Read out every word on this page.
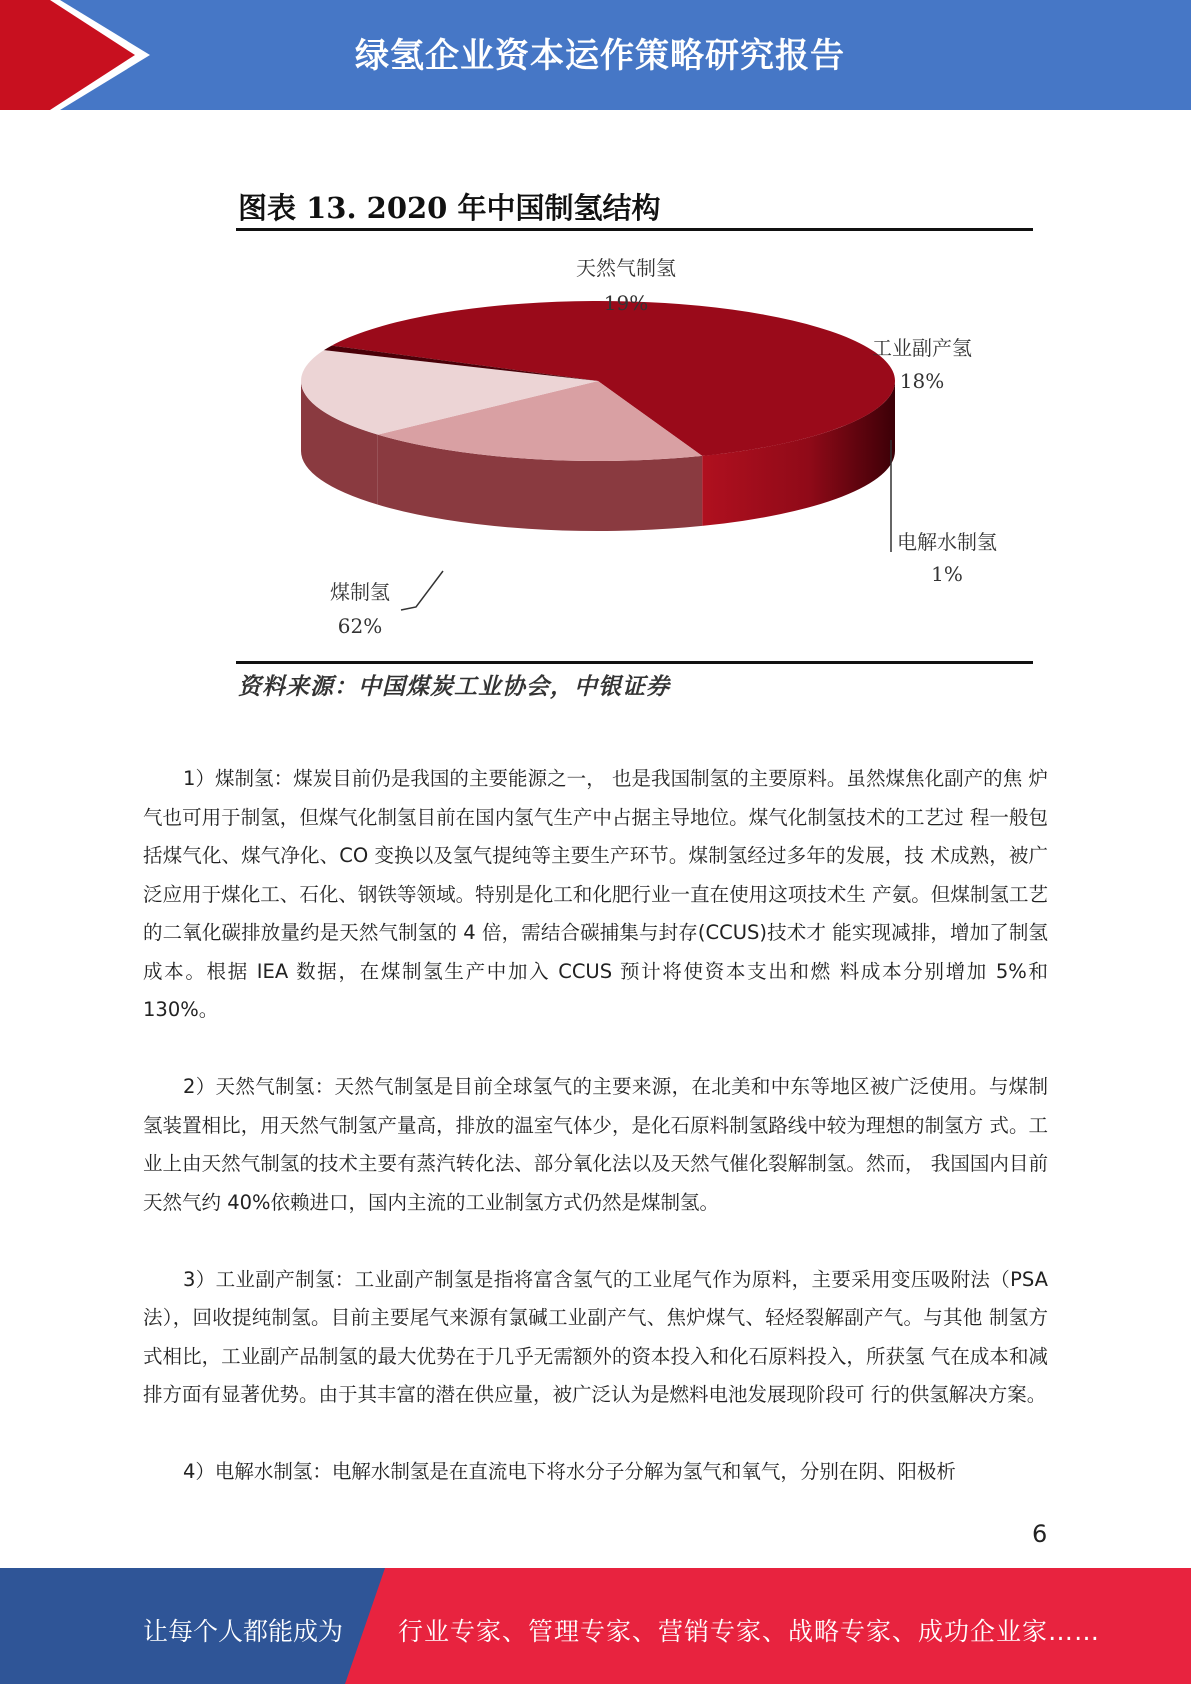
绿氢企业资本运作策略研究报告
图表 13. 2020 年中国制氢结构
天然气制氢
19%
工业副产氢
18%
电解水制氢
1%
煤制氢
62%
资料来源：中国煤炭工业协会，中银证券

1）煤制氢：煤炭目前仍是我国的主要能源之一， 也是我国制氢的主要原料。虽然煤焦化副产的焦 炉气也可用于制氢，但煤气化制氢目前在国内氢气生产中占据主导地位。煤气化制氢技术的工艺过 程一般包括煤气化、煤气净化、CO 变换以及氢气提纯等主要生产环节。煤制氢经过多年的发展，技 术成熟，被广泛应用于煤化工、石化、钢铁等领域。特别是化工和化肥行业一直在使用这项技术生 产氨。但煤制氢工艺的二氧化碳排放量约是天然气制氢的 4 倍，需结合碳捕集与封存(CCUS)技术才 能实现减排，增加了制氢成本。根据 IEA 数据，在煤制氢生产中加入 CCUS 预计将使资本支出和燃 料成本分别增加 5%和 130%。

2）天然气制氢：天然气制氢是目前全球氢气的主要来源，在北美和中东等地区被广泛使用。与煤制 氢装置相比，用天然气制氢产量高，排放的温室气体少，是化石原料制氢路线中较为理想的制氢方 式。工业上由天然气制氢的技术主要有蒸汽转化法、部分氧化法以及天然气催化裂解制氢。然而， 我国国内目前天然气约 40%依赖进口，国内主流的工业制氢方式仍然是煤制氢。

3）工业副产制氢：工业副产制氢是指将富含氢气的工业尾气作为原料，主要采用变压吸附法（PSA 法），回收提纯制氢。目前主要尾气来源有氯碱工业副产气、焦炉煤气、轻烃裂解副产气。与其他 制氢方式相比，工业副产品制氢的最大优势在于几乎无需额外的资本投入和化石原料投入，所获氢 气在成本和减排方面有显著优势。由于其丰富的潜在供应量，被广泛认为是燃料电池发展现阶段可 行的供氢解决方案。

4）电解水制氢：电解水制氢是在直流电下将水分子分解为氢气和氧气，分别在阴、阳极析

6
让每个人都能成为 行业专家、管理专家、营销专家、战略专家、成功企业家……
